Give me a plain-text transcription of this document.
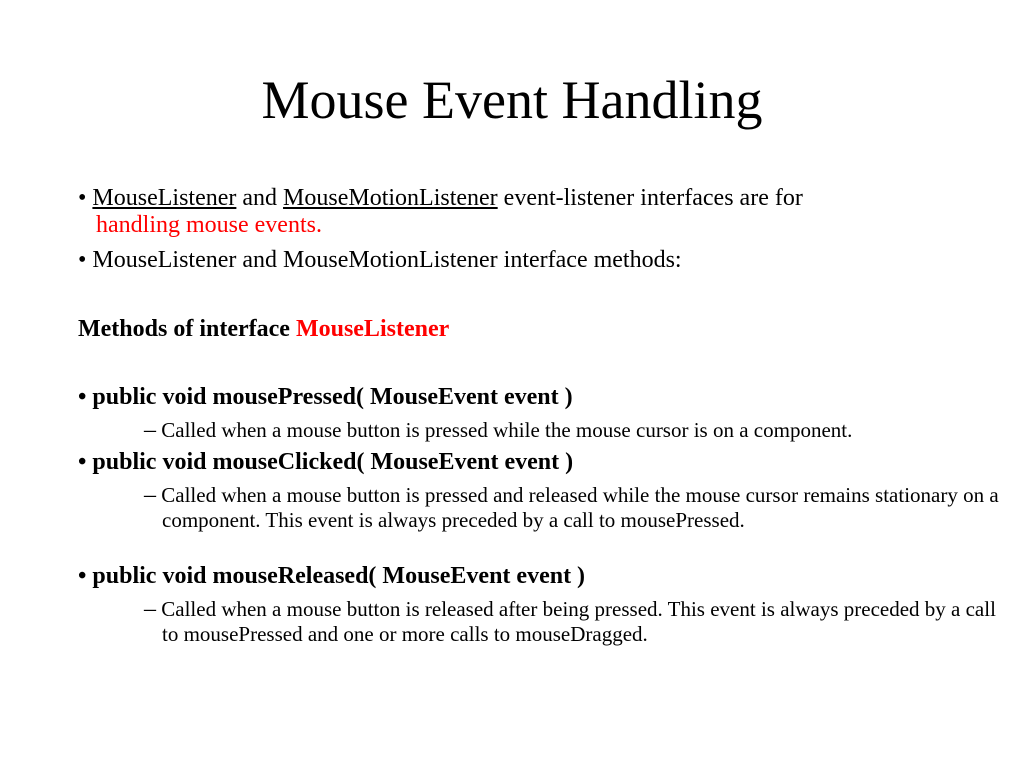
Mouse Event Handling

• MouseListener and MouseMotionListener event-listener interfaces are for
handling mouse events.

• MouseListener and MouseMotionListener interface methods:

Methods of interface MouseListener

• public void mousePressed( MouseEvent event )

– Called when a mouse button is pressed while the mouse cursor is on a component.

• public void mouseClicked( MouseEvent event )

– Called when a mouse button is pressed and released while the mouse cursor remains stationary on a component. This event is always preceded by a call to mousePressed.

• public void mouseReleased( MouseEvent event )

– Called when a mouse button is released after being pressed. This event is always preceded by a call to mousePressed and one or more calls to mouseDragged.
